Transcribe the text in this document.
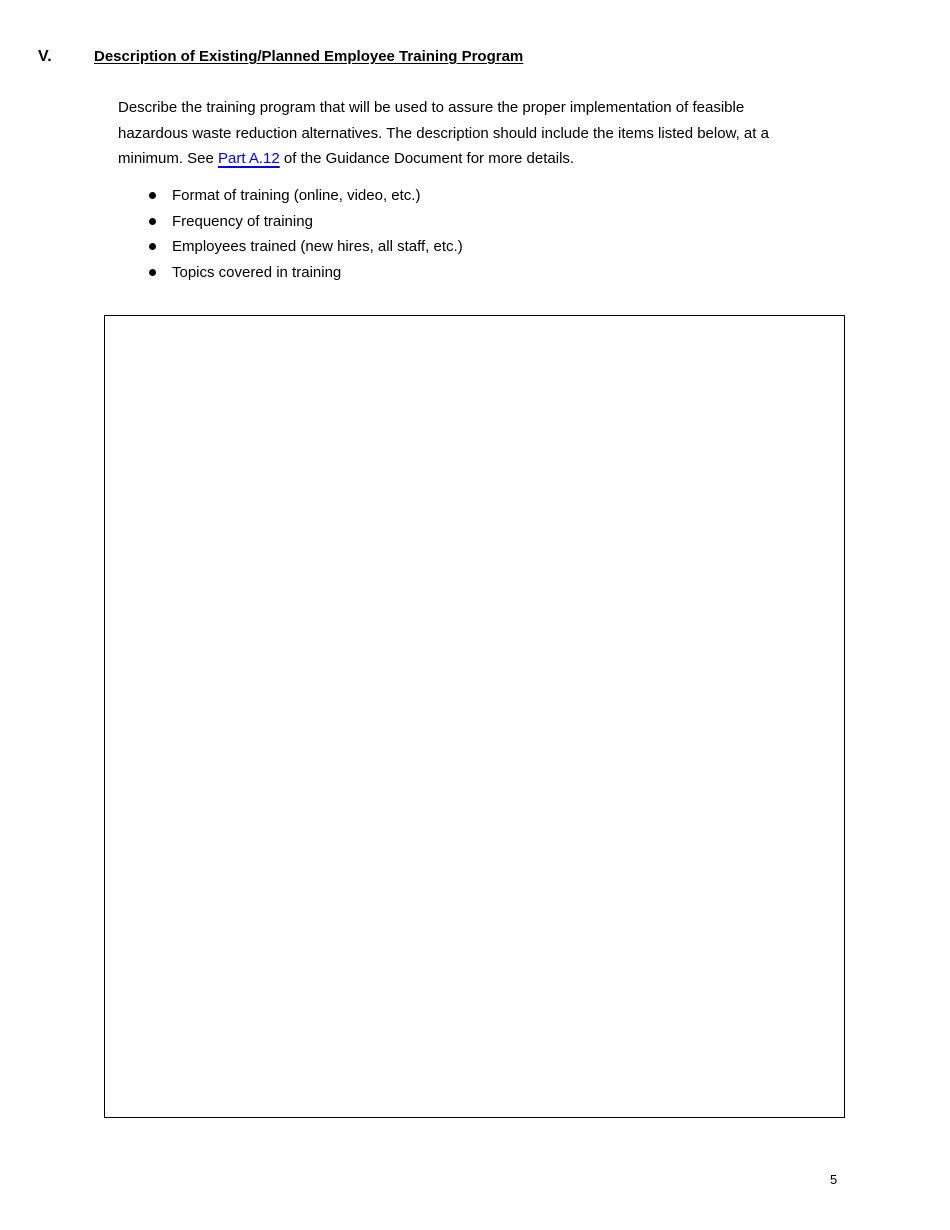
V.	Description of Existing/Planned Employee Training Program

Describe the training program that will be used to assure the proper implementation of feasible hazardous waste reduction alternatives. The description should include the items listed below, at a minimum. See Part A.12 of the Guidance Document for more details.

Format of training (online, video, etc.)
Frequency of training
Employees trained (new hires, all staff, etc.)
Topics covered in training
5
